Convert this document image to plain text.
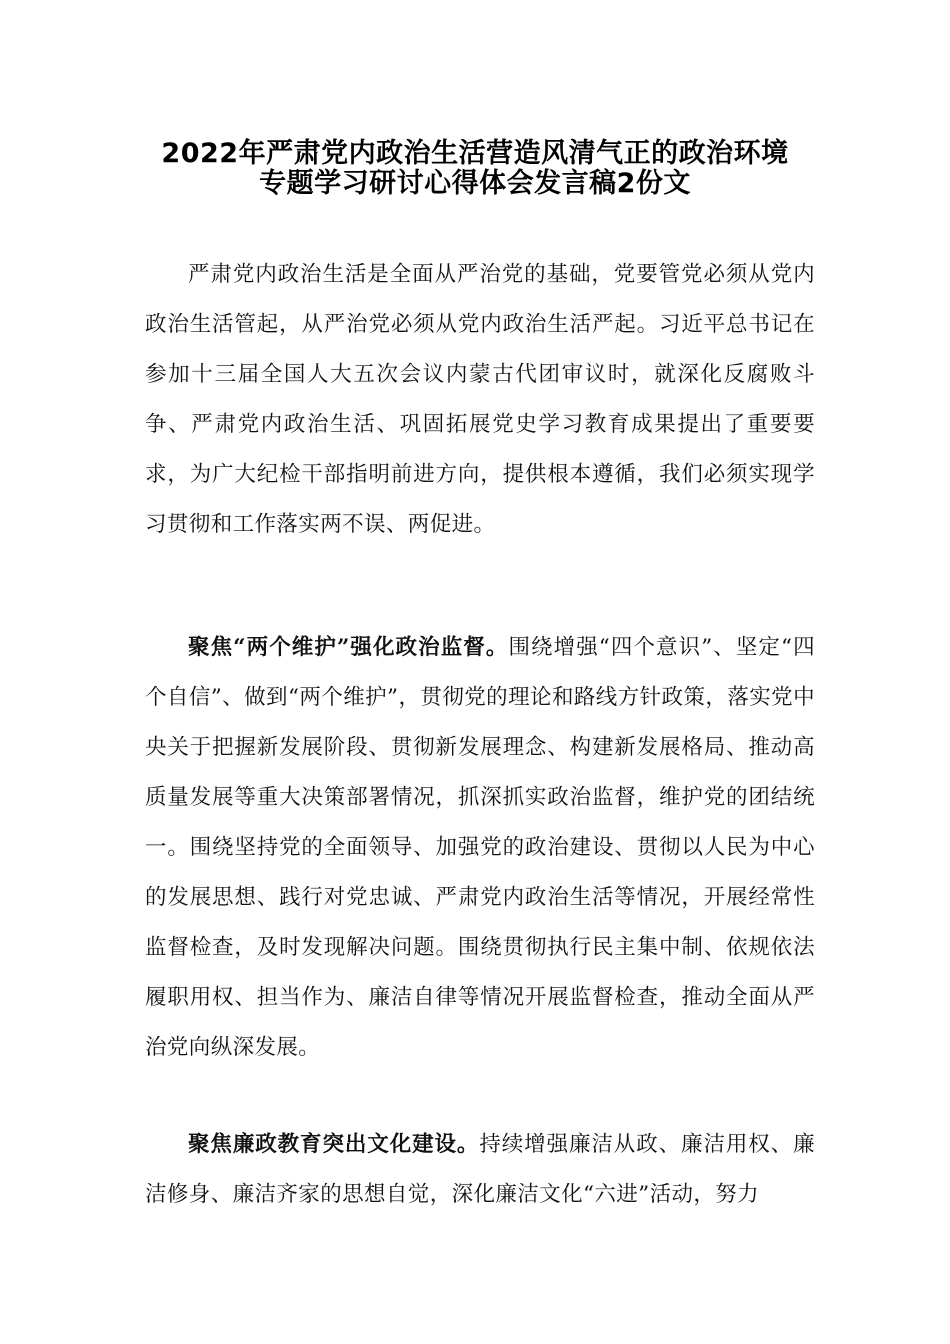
2022年严肃党内政治生活营造风清气正的政治环境
专题学习研讨心得体会发言稿2份文

严肃党内政治生活是全面从严治党的基础，党要管党必须从党内政治生活管起，从严治党必须从党内政治生活严起。习近平总书记在参加十三届全国人大五次会议内蒙古代团审议时，就深化反腐败斗争、严肃党内政治生活、巩固拓展党史学习教育成果提出了重要要求，为广大纪检干部指明前进方向，提供根本遵循，我们必须实现学习贯彻和工作落实两不误、两促进。

聚焦“两个维护”强化政治监督。围绕增强“四个意识”、坚定“四个自信”、做到“两个维护”，贯彻党的理论和路线方针政策，落实党中央关于把握新发展阶段、贯彻新发展理念、构建新发展格局、推动高质量发展等重大决策部署情况，抓深抓实政治监督，维护党的团结统一。围绕坚持党的全面领导、加强党的政治建设、贯彻以人民为中心的发展思想、践行对党忠诚、严肃党内政治生活等情况，开展经常性监督检查，及时发现解决问题。围绕贯彻执行民主集中制、依规依法履职用权、担当作为、廉洁自律等情况开展监督检查，推动全面从严治党向纵深发展。

聚焦廉政教育突出文化建设。持续增强廉洁从政、廉洁用权、廉洁修身、廉洁齐家的思想自觉，深化廉洁文化“六进”活动，努力
